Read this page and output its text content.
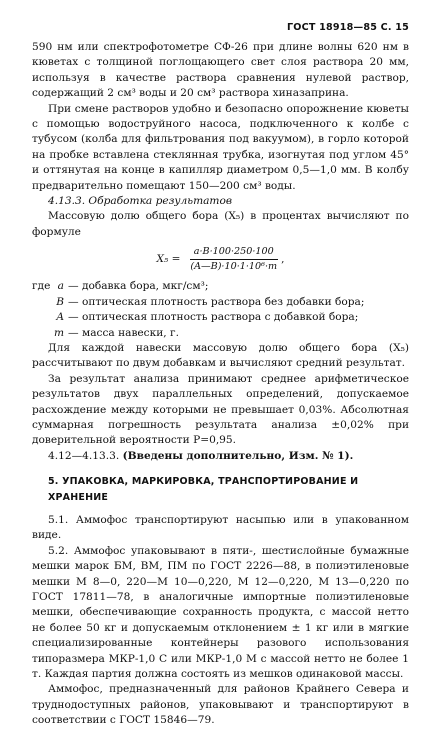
ГОСТ 18918—85 С. 15

590 нм или спектрофотометре СФ-26 при длине волны 620 нм в кюветах с толщиной поглощающего свет слоя раствора 20 мм, используя в качестве раствора сравнения нулевой раствор, содержащий 2 см³ воды и 20 см³ раствора хиназаприна.

При смене растворов удобно и безопасно опорожнение кюветы с помощью водоструйного насоса, подключенного к колбе с тубусом (колба для фильтрования под вакуумом), в горло которой на пробке вставлена стеклянная трубка, изогнутая под углом 45° и оттянутая на конце в капилляр диаметром 0,5—1,0 мм. В колбу предварительно помещают 150—200 см³ воды.

4.13.3. Обработка результатов

Массовую долю общего бора (X₅) в процентах вычисляют по формуле

$X_5 = \frac{a\cdot B\cdot 100\cdot 250\cdot 100}{\text{(A—B)·10·1·10⁶·m}}$ ,
где a — добавка бора, мкг/см³;
B — оптическая плотность раствора без добавки бора;
A — оптическая плотность раствора с добавкой бора;
m — масса навески, г.

Для каждой навески массовую долю общего бора (X₅) рассчитывают по двум добавкам и вычисляют средний результат.

За результат анализа принимают среднее арифметическое результатов двух параллельных определений, допускаемое расхождение между которыми не превышает 0,03%. Абсолютная суммарная погрешность результата анализа ±0,02% при доверительной вероятности P=0,95.

4.12—4.13.3. (Введены дополнительно, Изм. № 1).

5. УПАКОВКА, МАРКИРОВКА, ТРАНСПОРТИРОВАНИЕ И ХРАНЕНИЕ

5.1. Аммофос транспортируют насыпью или в упакованном виде.

5.2. Аммофос упаковывают в пяти-, шестислойные бумажные мешки марок БМ, ВМ, ПМ по ГОСТ 2226—88, в полиэтиленовые мешки М 8—0, 220—М 10—0,220, М 12—0,220, М 13—0,220 по ГОСТ 17811—78, в аналогичные импортные полиэтиленовые мешки, обеспечивающие сохранность продукта, с массой нетто не более 50 кг и допускаемым отклонением ± 1 кг или в мягкие специализированные контейнеры разового использования типоразмера МКР-1,0 С или МКР-1,0 М с массой нетто не более 1 т. Каждая партия должна состоять из мешков одинаковой массы.

Аммофос, предназначенный для районов Крайнего Севера и труднодоступных районов, упаковывают и транспортируют в соответствии с ГОСТ 15846—79.
